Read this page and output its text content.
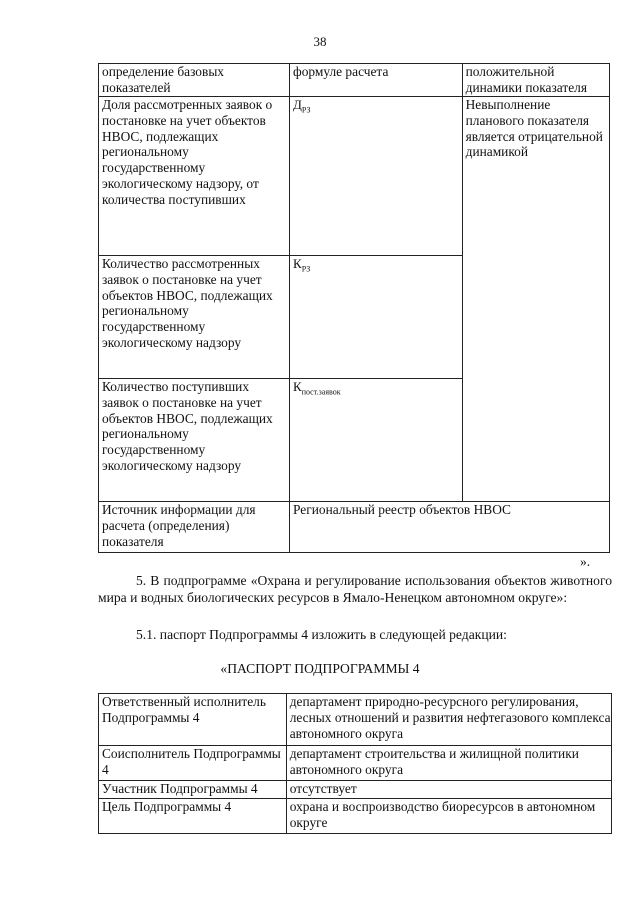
38
определение базовых показателей	формуле расчета	положительной динамики показателя
Доля рассмотренных заявок о постановке на учет объектов НВОС, подлежащих региональному государственному экологическому надзору, от количества поступивших	$Д_{РЗ}$	Невыполнение планового показателя является отрицательной динамикой
Количество рассмотренных заявок о постановке на учет объектов НВОС, подлежащих региональному государственному экологическому надзору	$К_{РЗ}$
Количество поступивших заявок о постановке на учет объектов НВОС, подлежащих региональному государственному экологическому надзору	$К_{пост.заявок}$
Источник информации для расчета (определения) показателя	Региональный реестр объектов НВОС	
».
5. В подпрограмме «Охрана и регулирование использования объектов животного мира и водных биологических ресурсов в Ямало-Ненецком автономном округе»:
5.1. паспорт Подпрограммы 4 изложить в следующей редакции:
«ПАСПОРТ ПОДПРОГРАММЫ 4
Ответственный исполнитель Подпрограммы 4	департамент природно-ресурсного регулирования, лесных отношений и развития нефтегазового комплекса автономного округа
Соисполнитель Подпрограммы 4	департамент строительства и жилищной политики автономного округа
Участник Подпрограммы 4	отсутствует
Цель Подпрограммы 4	охрана и воспроизводство биоресурсов в автономном округе
